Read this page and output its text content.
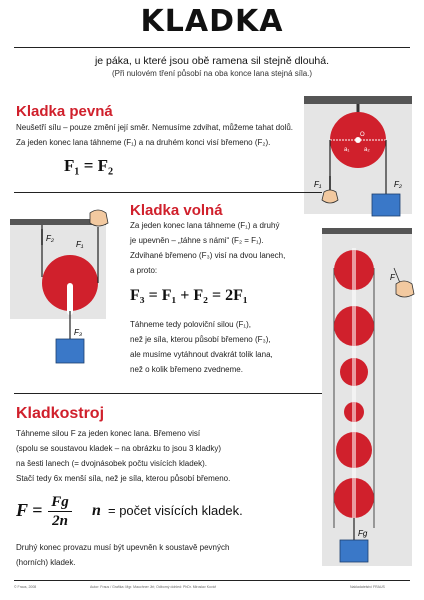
KLADKA
je páka, u které jsou obě ramena sil stejně dlouhá.
(Při nulovém tření působí na oba konce lana stejná síla.)
Kladka pevná
Neušetří sílu – pouze změní její směr. Nemusíme zdvihat, můžeme tahat dolů.
Za jeden konec lana táhneme (F₁) a na druhém konci visí břemeno (F₂).
F₁ = F₂
a₁ a₂
O
F₁	F₂
Kladka volná
Za jeden konec lana táhneme (F₁) a druhý
je upevněn – „táhne s námi“ (F₂ = F₁).
Zdvihané břemeno (F₃) visí na dvou lanech,
a proto:
F₃ = F₁ + F₂ = 2F₁
Táhneme tedy poloviční silou (F₁),
než je síla, kterou působí břemeno (F₃),
ale musíme vytáhnout dvakrát tolik lana,
než o kolik břemeno zvedneme.
F₂
F₁
F₃
Kladkostroj
Táhneme silou F za jeden konec lana. Břemeno visí
(spolu se soustavou kladek – na obrázku to jsou 3 kladky)
na šesti lanech (= dvojnásobek počtu visících kladek).
Stačí tedy 6x menší síla, než je síla, kterou působí břemeno.
F = Fg
2n
n = počet visících kladek.
Druhý konec provazu musí být upevněn k soustavě pevných
(horních) kladek.
F
Fg
© Fraus, 2008	Autor: Fraus / Grafika: Mgr. Mauchner Jiri; Odborný dohled: PhDr. Miroslav Kovář	Nakladatelství FRAUS
